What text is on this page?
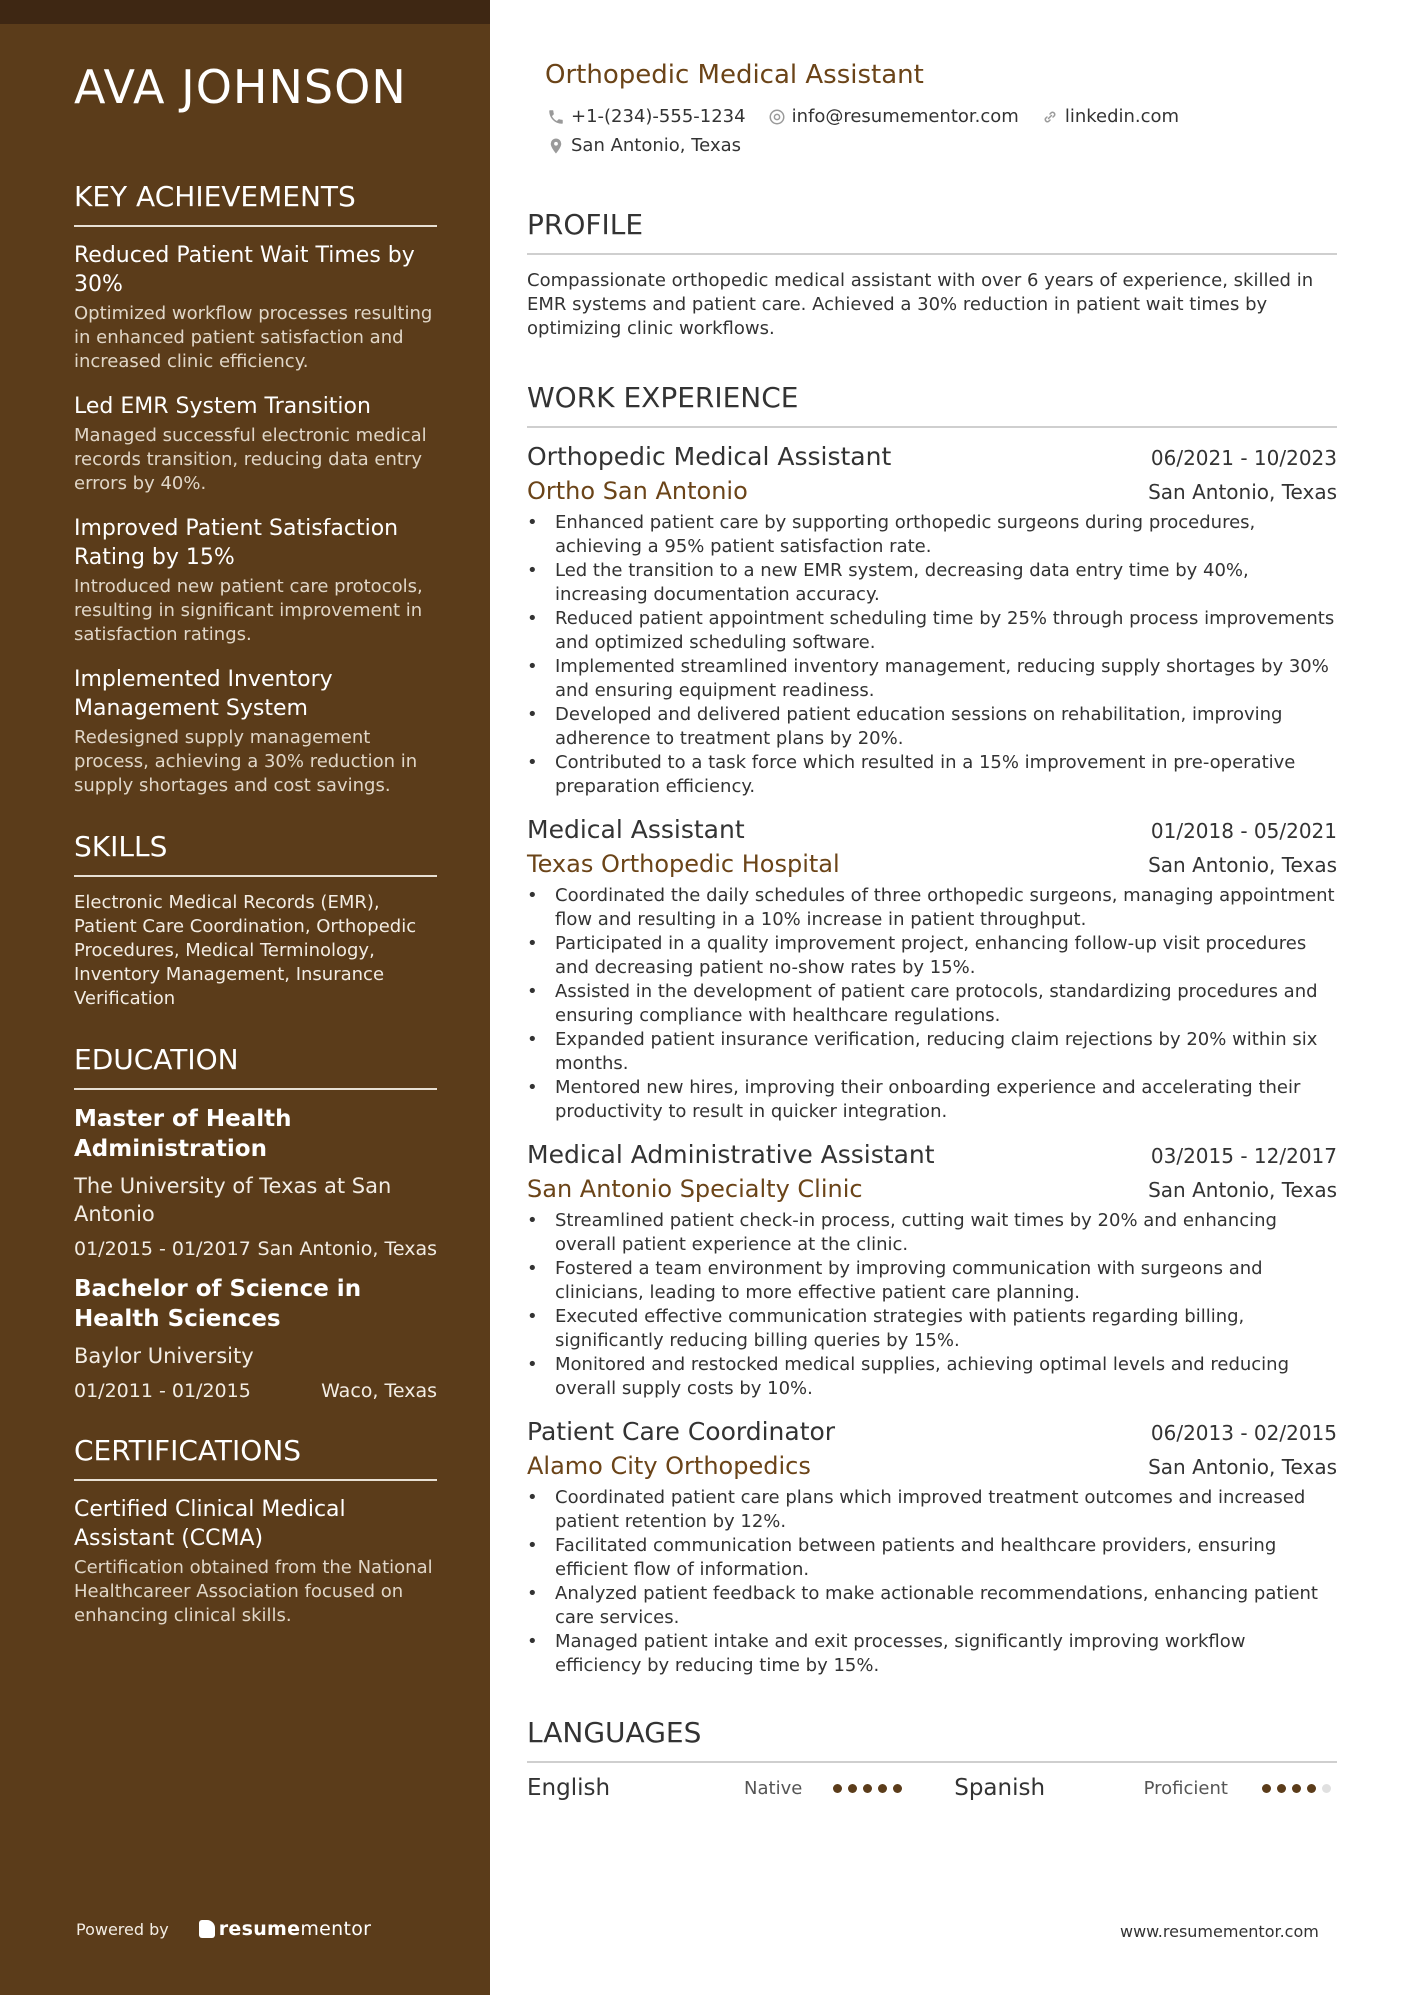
AVA JOHNSON
KEY ACHIEVEMENTS
Reduced Patient Wait Times by 30%
Optimized workflow processes resulting in enhanced patient satisfaction and increased clinic efficiency.
Led EMR System Transition
Managed successful electronic medical records transition, reducing data entry errors by 40%.
Improved Patient Satisfaction Rating by 15%
Introduced new patient care protocols, resulting in significant improvement in satisfaction ratings.
Implemented Inventory Management System
Redesigned supply management process, achieving a 30% reduction in supply shortages and cost savings.
SKILLS
Electronic Medical Records (EMR), Patient Care Coordination, Orthopedic Procedures, Medical Terminology, Inventory Management, Insurance Verification
EDUCATION
Master of Health Administration
The University of Texas at San Antonio
01/2015 - 01/2017 San Antonio, Texas
Bachelor of Science in Health Sciences
Baylor University
01/2011 - 01/2015	Waco, Texas
CERTIFICATIONS
Certified Clinical Medical Assistant (CCMA)
Certification obtained from the National Healthcareer Association focused on enhancing clinical skills.
Powered by	resume mentor
Orthopedic Medical Assistant
+1-(234)-555-1234	info@resumementor.com	linkedin.com
San Antonio, Texas
PROFILE
Compassionate orthopedic medical assistant with over 6 years of experience, skilled in EMR systems and patient care. Achieved a 30% reduction in patient wait times by optimizing clinic workflows.
WORK EXPERIENCE
Orthopedic Medical Assistant	06/2021 - 10/2023
Ortho San Antonio	San Antonio, Texas
• Enhanced patient care by supporting orthopedic surgeons during procedures, achieving a 95% patient satisfaction rate.
• Led the transition to a new EMR system, decreasing data entry time by 40%, increasing documentation accuracy.
• Reduced patient appointment scheduling time by 25% through process improvements and optimized scheduling software.
• Implemented streamlined inventory management, reducing supply shortages by 30% and ensuring equipment readiness.
• Developed and delivered patient education sessions on rehabilitation, improving adherence to treatment plans by 20%.
• Contributed to a task force which resulted in a 15% improvement in pre-operative preparation efficiency.
Medical Assistant	01/2018 - 05/2021
Texas Orthopedic Hospital	San Antonio, Texas
• Coordinated the daily schedules of three orthopedic surgeons, managing appointment flow and resulting in a 10% increase in patient throughput.
• Participated in a quality improvement project, enhancing follow-up visit procedures and decreasing patient no-show rates by 15%.
• Assisted in the development of patient care protocols, standardizing procedures and ensuring compliance with healthcare regulations.
• Expanded patient insurance verification, reducing claim rejections by 20% within six months.
• Mentored new hires, improving their onboarding experience and accelerating their productivity to result in quicker integration.
Medical Administrative Assistant	03/2015 - 12/2017
San Antonio Specialty Clinic	San Antonio, Texas
• Streamlined patient check-in process, cutting wait times by 20% and enhancing overall patient experience at the clinic.
• Fostered a team environment by improving communication with surgeons and clinicians, leading to more effective patient care planning.
• Executed effective communication strategies with patients regarding billing, significantly reducing billing queries by 15%.
• Monitored and restocked medical supplies, achieving optimal levels and reducing overall supply costs by 10%.
Patient Care Coordinator	06/2013 - 02/2015
Alamo City Orthopedics	San Antonio, Texas
• Coordinated patient care plans which improved treatment outcomes and increased patient retention by 12%.
• Facilitated communication between patients and healthcare providers, ensuring efficient flow of information.
• Analyzed patient feedback to make actionable recommendations, enhancing patient care services.
• Managed patient intake and exit processes, significantly improving workflow efficiency by reducing time by 15%.
LANGUAGES
English	Native	Spanish	Proficient
www.resumementor.com
